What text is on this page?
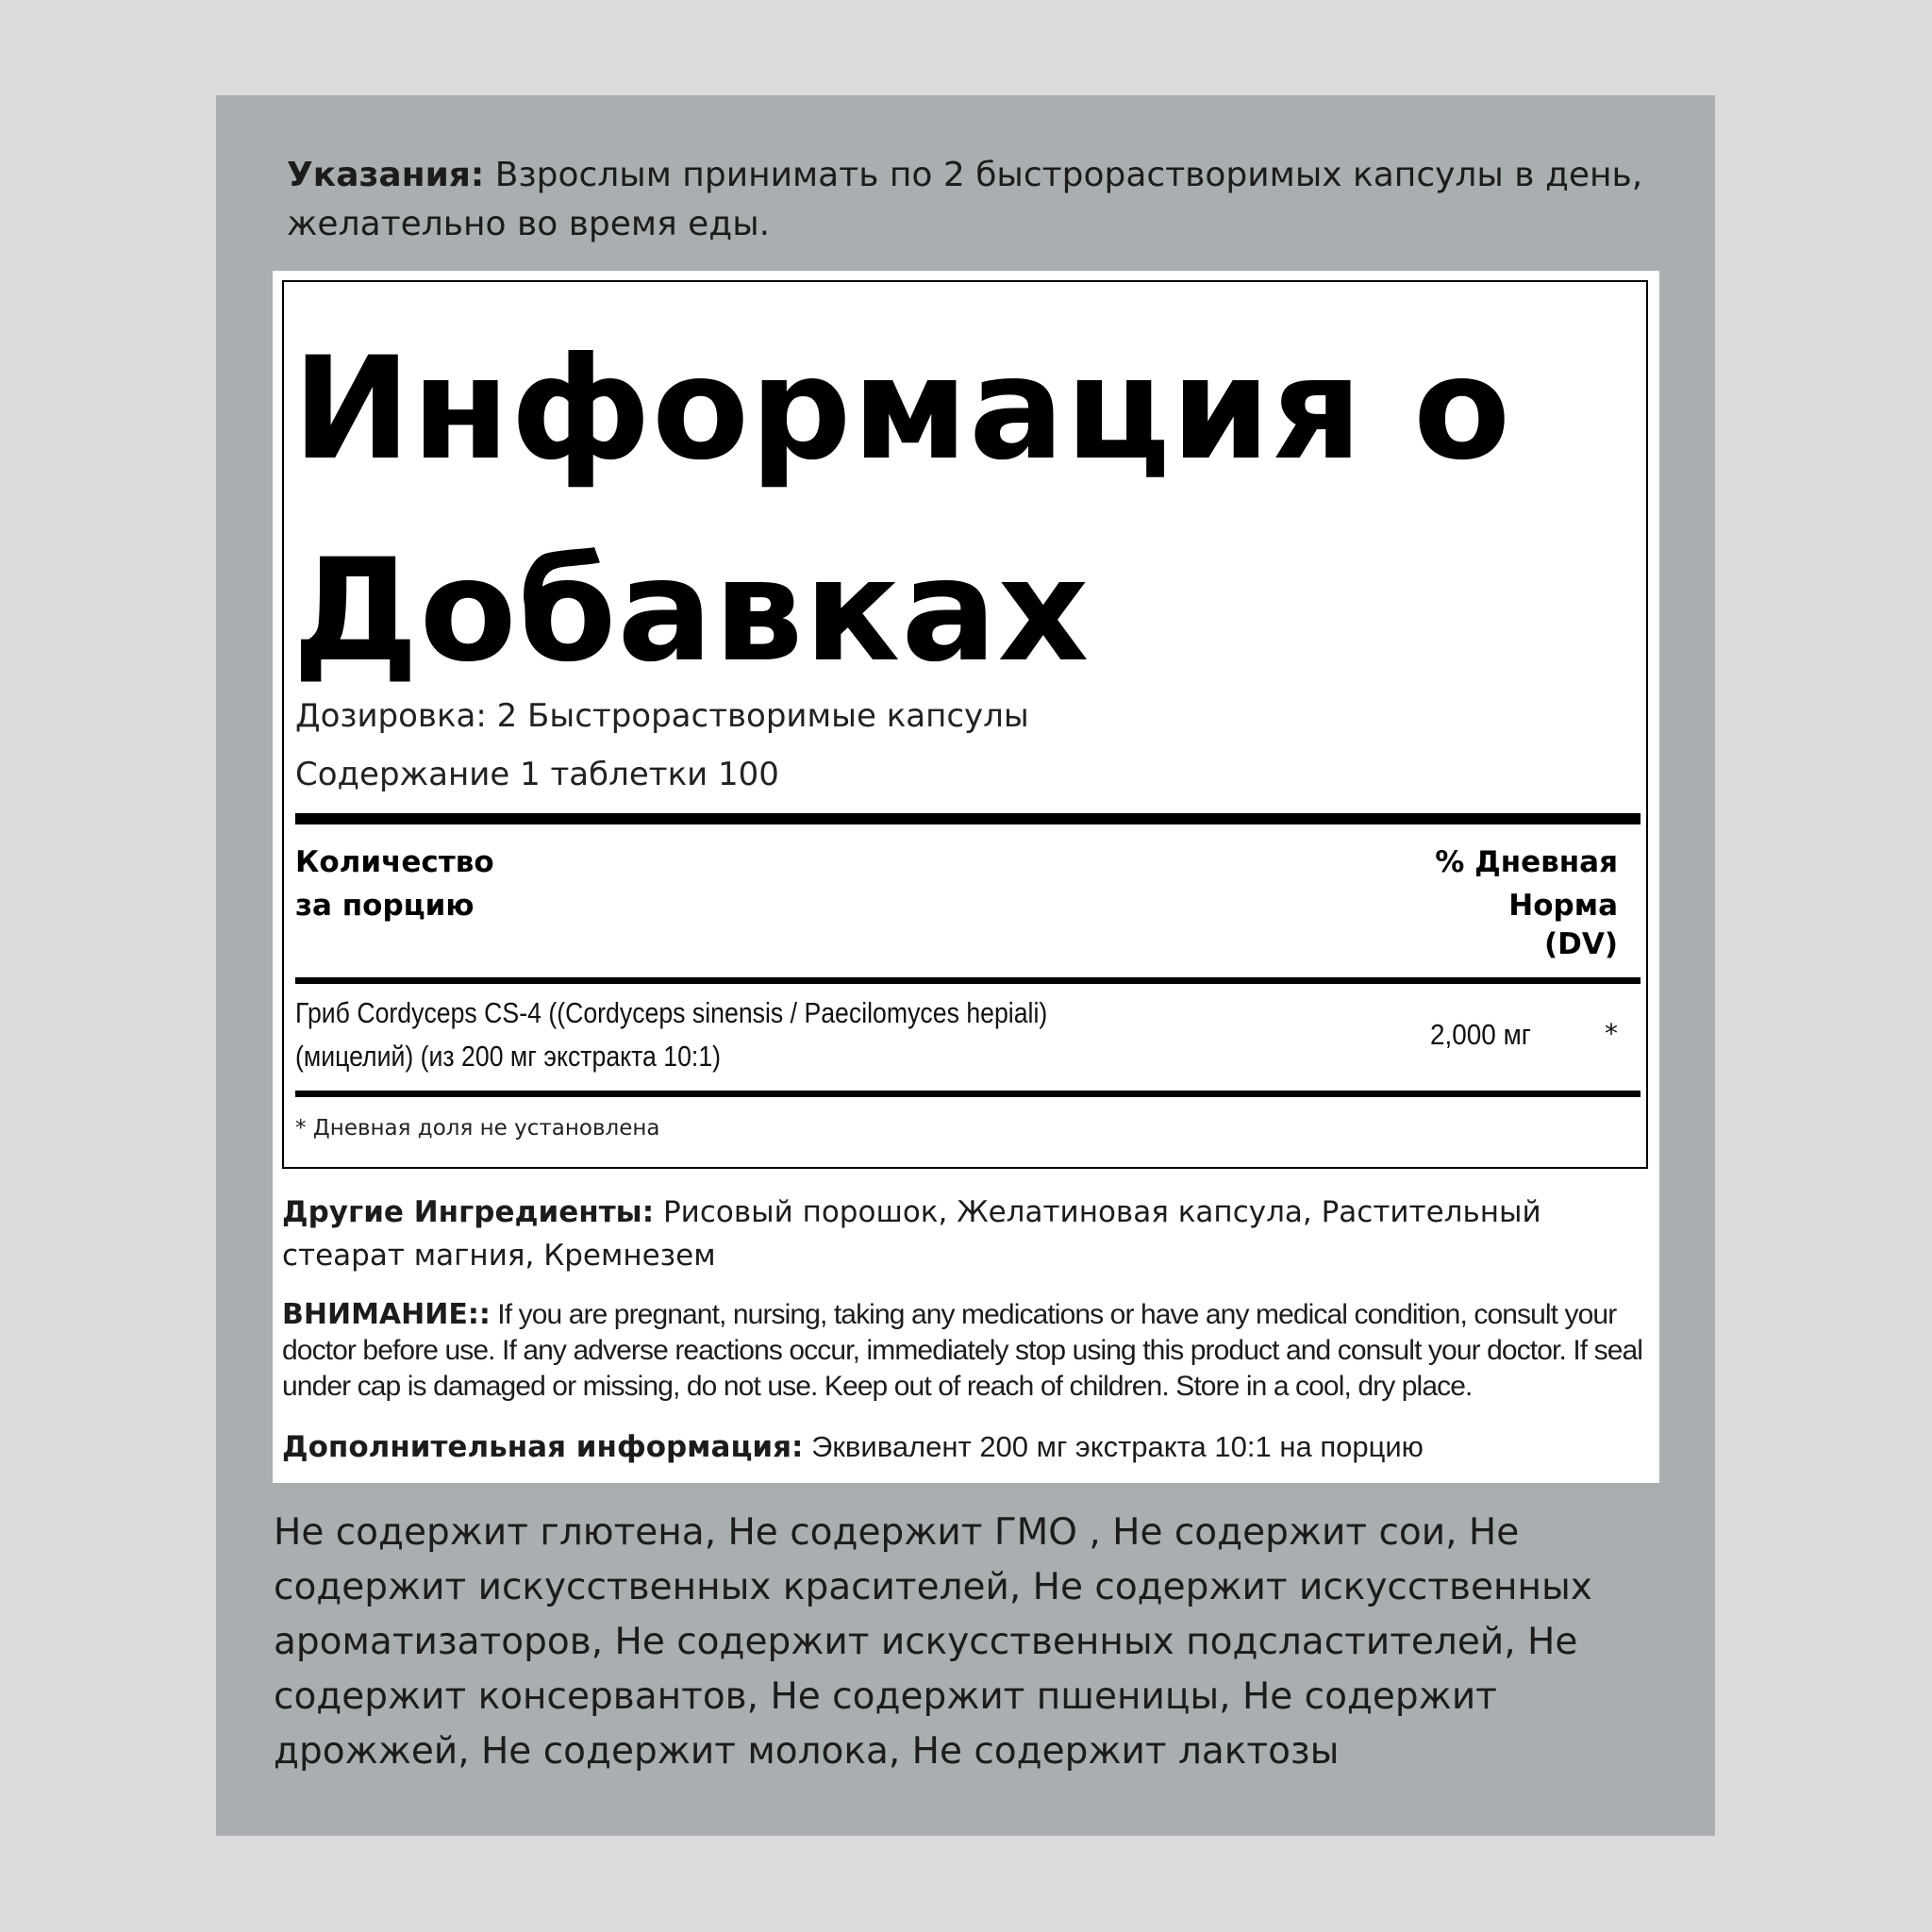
Указания: Взрослым принимать по 2 быстрорастворимых капсулы в день, желательно во время еды.
Информация о Добавках
Дозировка: 2 Быстрорастворимые капсулы
Содержание 1 таблетки 100
Количество
за порцию
% Дневная
Норма
(DV)
Гриб Cordyceps CS-4 ((Cordyceps sinensis / Paecilomyces hepiali)
(мицелий) (из 200 мг экстракта 10:1)
2,000 мг	*
* Дневная доля не установлена
Другие Ингредиенты: Рисовый порошок, Желатиновая капсула, Растительный стеарат магния, Кремнезем
ВНИМАНИЕ:: If you are pregnant, nursing, taking any medications or have any medical condition, consult your doctor before use. If any adverse reactions occur, immediately stop using this product and consult your doctor. If seal under cap is damaged or missing, do not use. Keep out of reach of children. Store in a cool, dry place.
Дополнительная информация: Эквивалент 200 мг экстракта 10:1 на порцию
Не содержит глютена, Не содержит ГМО , Не содержит сои, Не содержит искусственных красителей, Не содержит искусственных ароматизаторов, Не содержит искусственных подсластителей, Не содержит консервантов, Не содержит пшеницы, Не содержит дрожжей, Не содержит молока, Не содержит лактозы
